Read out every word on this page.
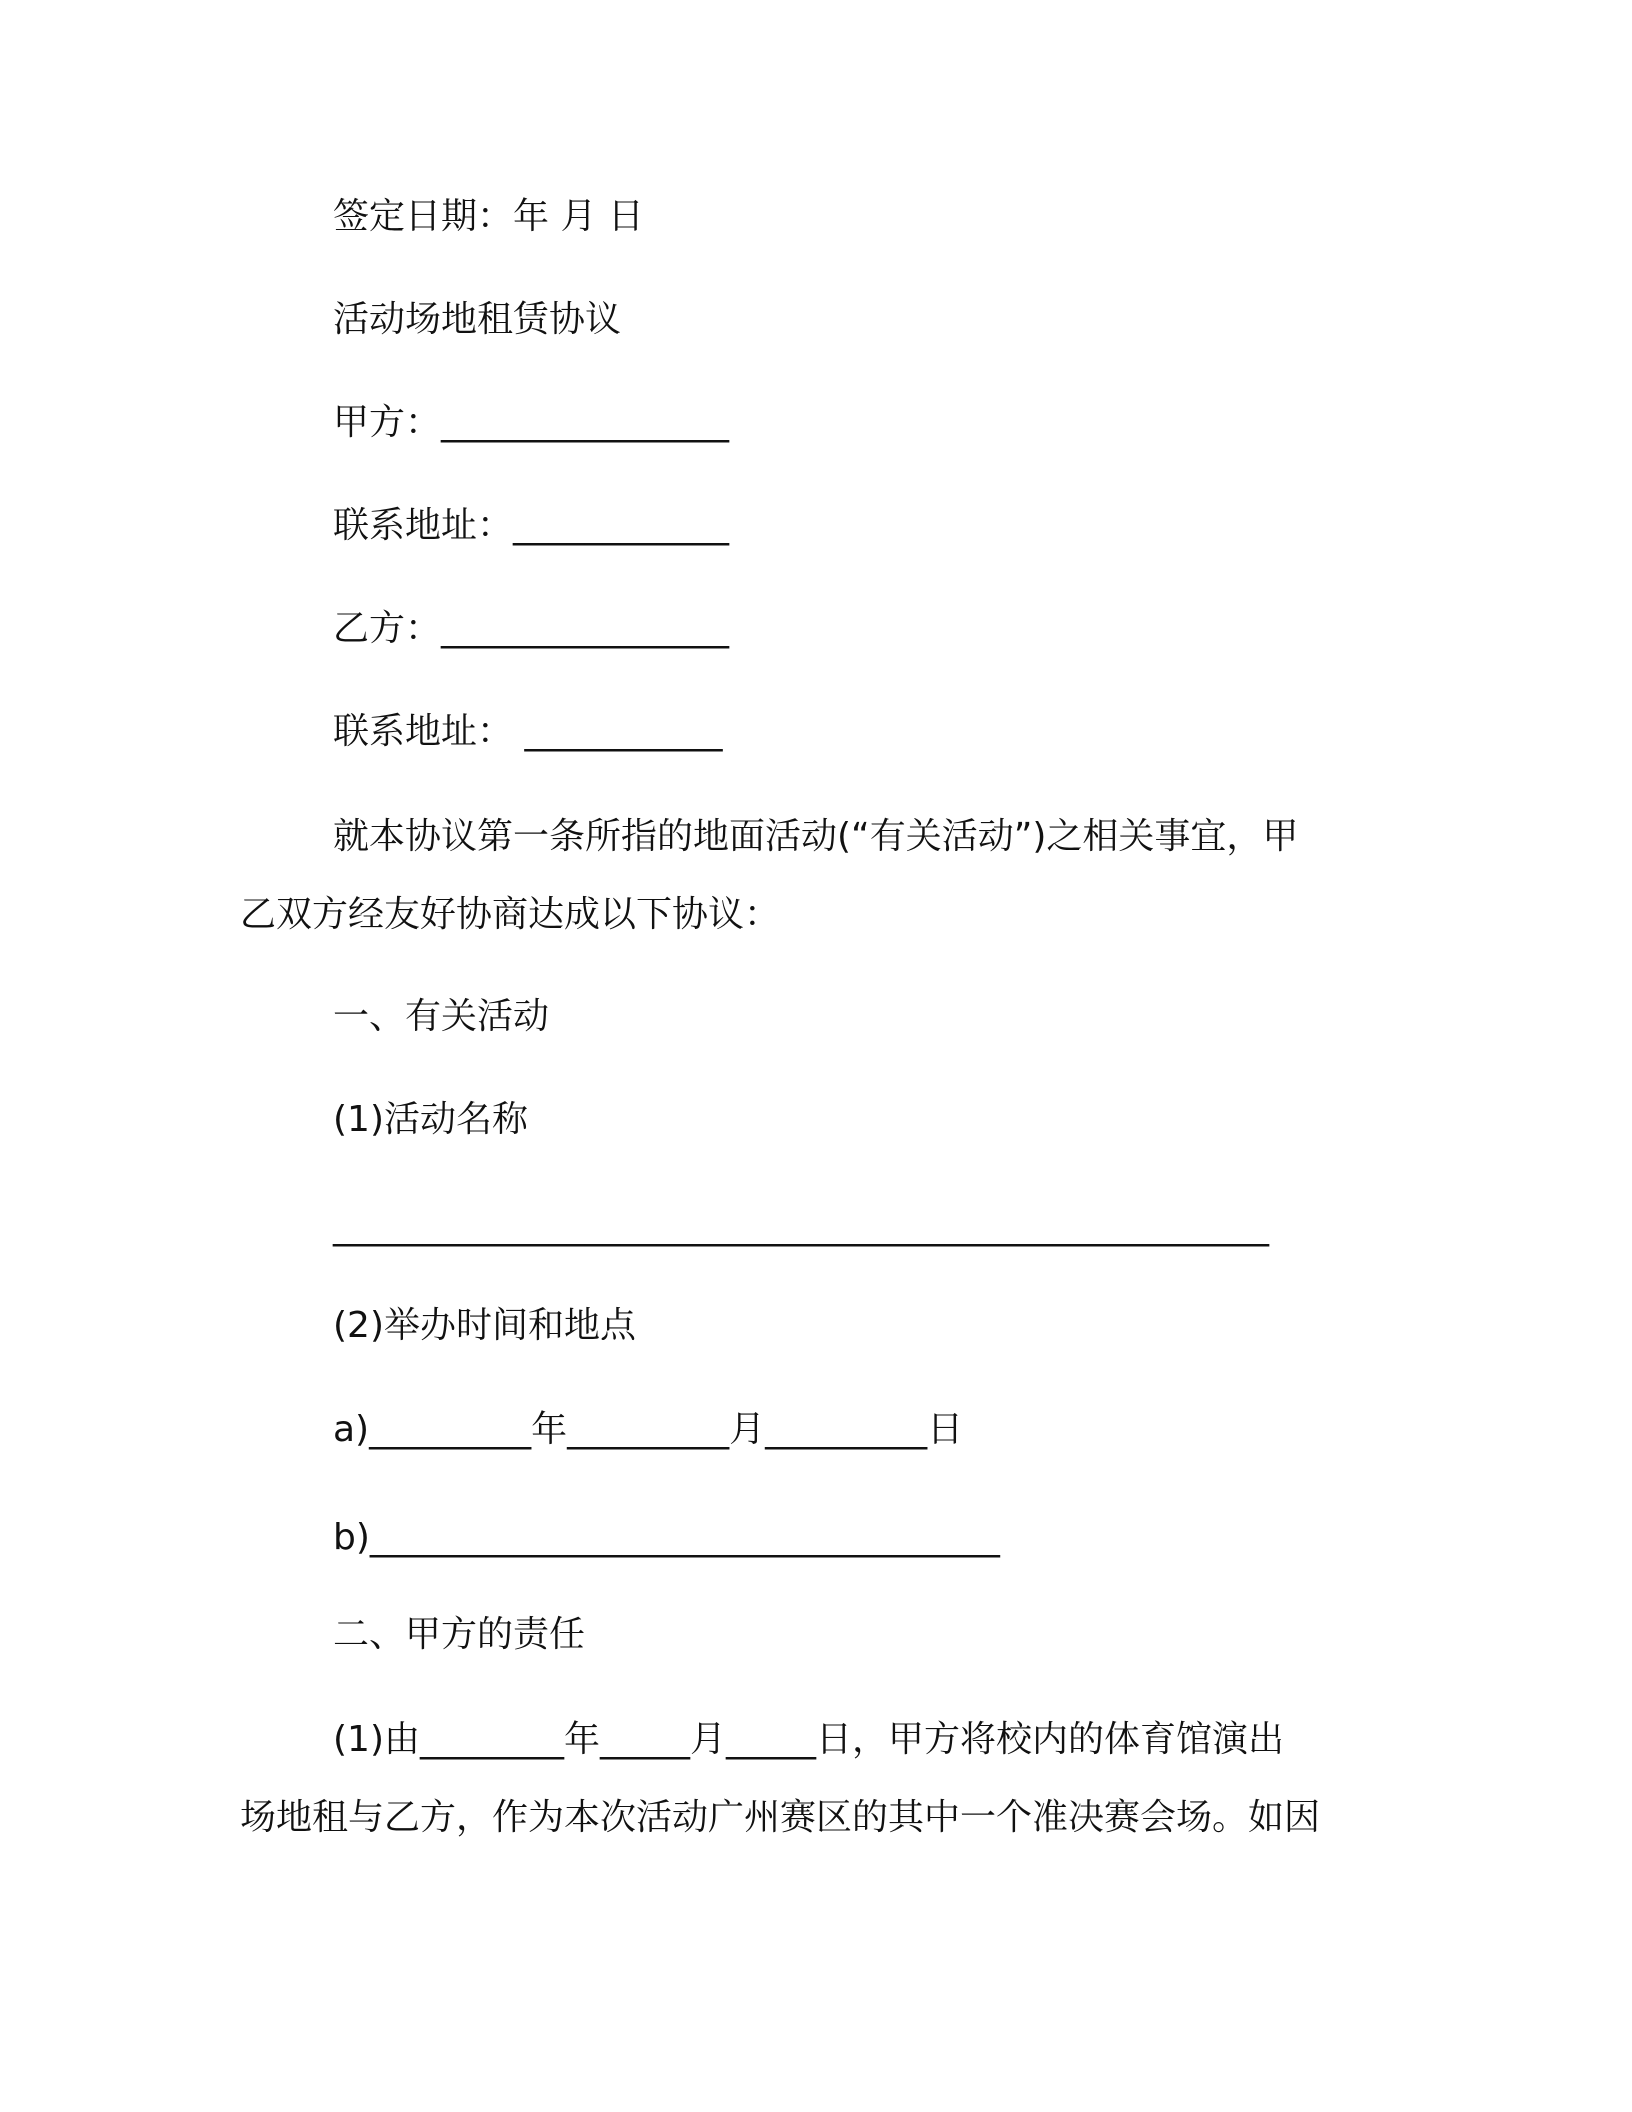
签定日期：年 月 日
活动场地租赁协议
甲方：________________
联系地址：____________
乙方：________________
联系地址： ___________
就本协议第一条所指的地面活动(“有关活动”)之相关事宜，甲
乙双方经友好协商达成以下协议：
一、有关活动
(1)活动名称
____________________________________________________
(2)举办时间和地点
a)_________年_________月_________日
b)___________________________________
二、甲方的责任
(1)由________年_____月_____日，甲方将校内的体育馆演出
场地租与乙方，作为本次活动广州赛区的其中一个准决赛会场。如因
